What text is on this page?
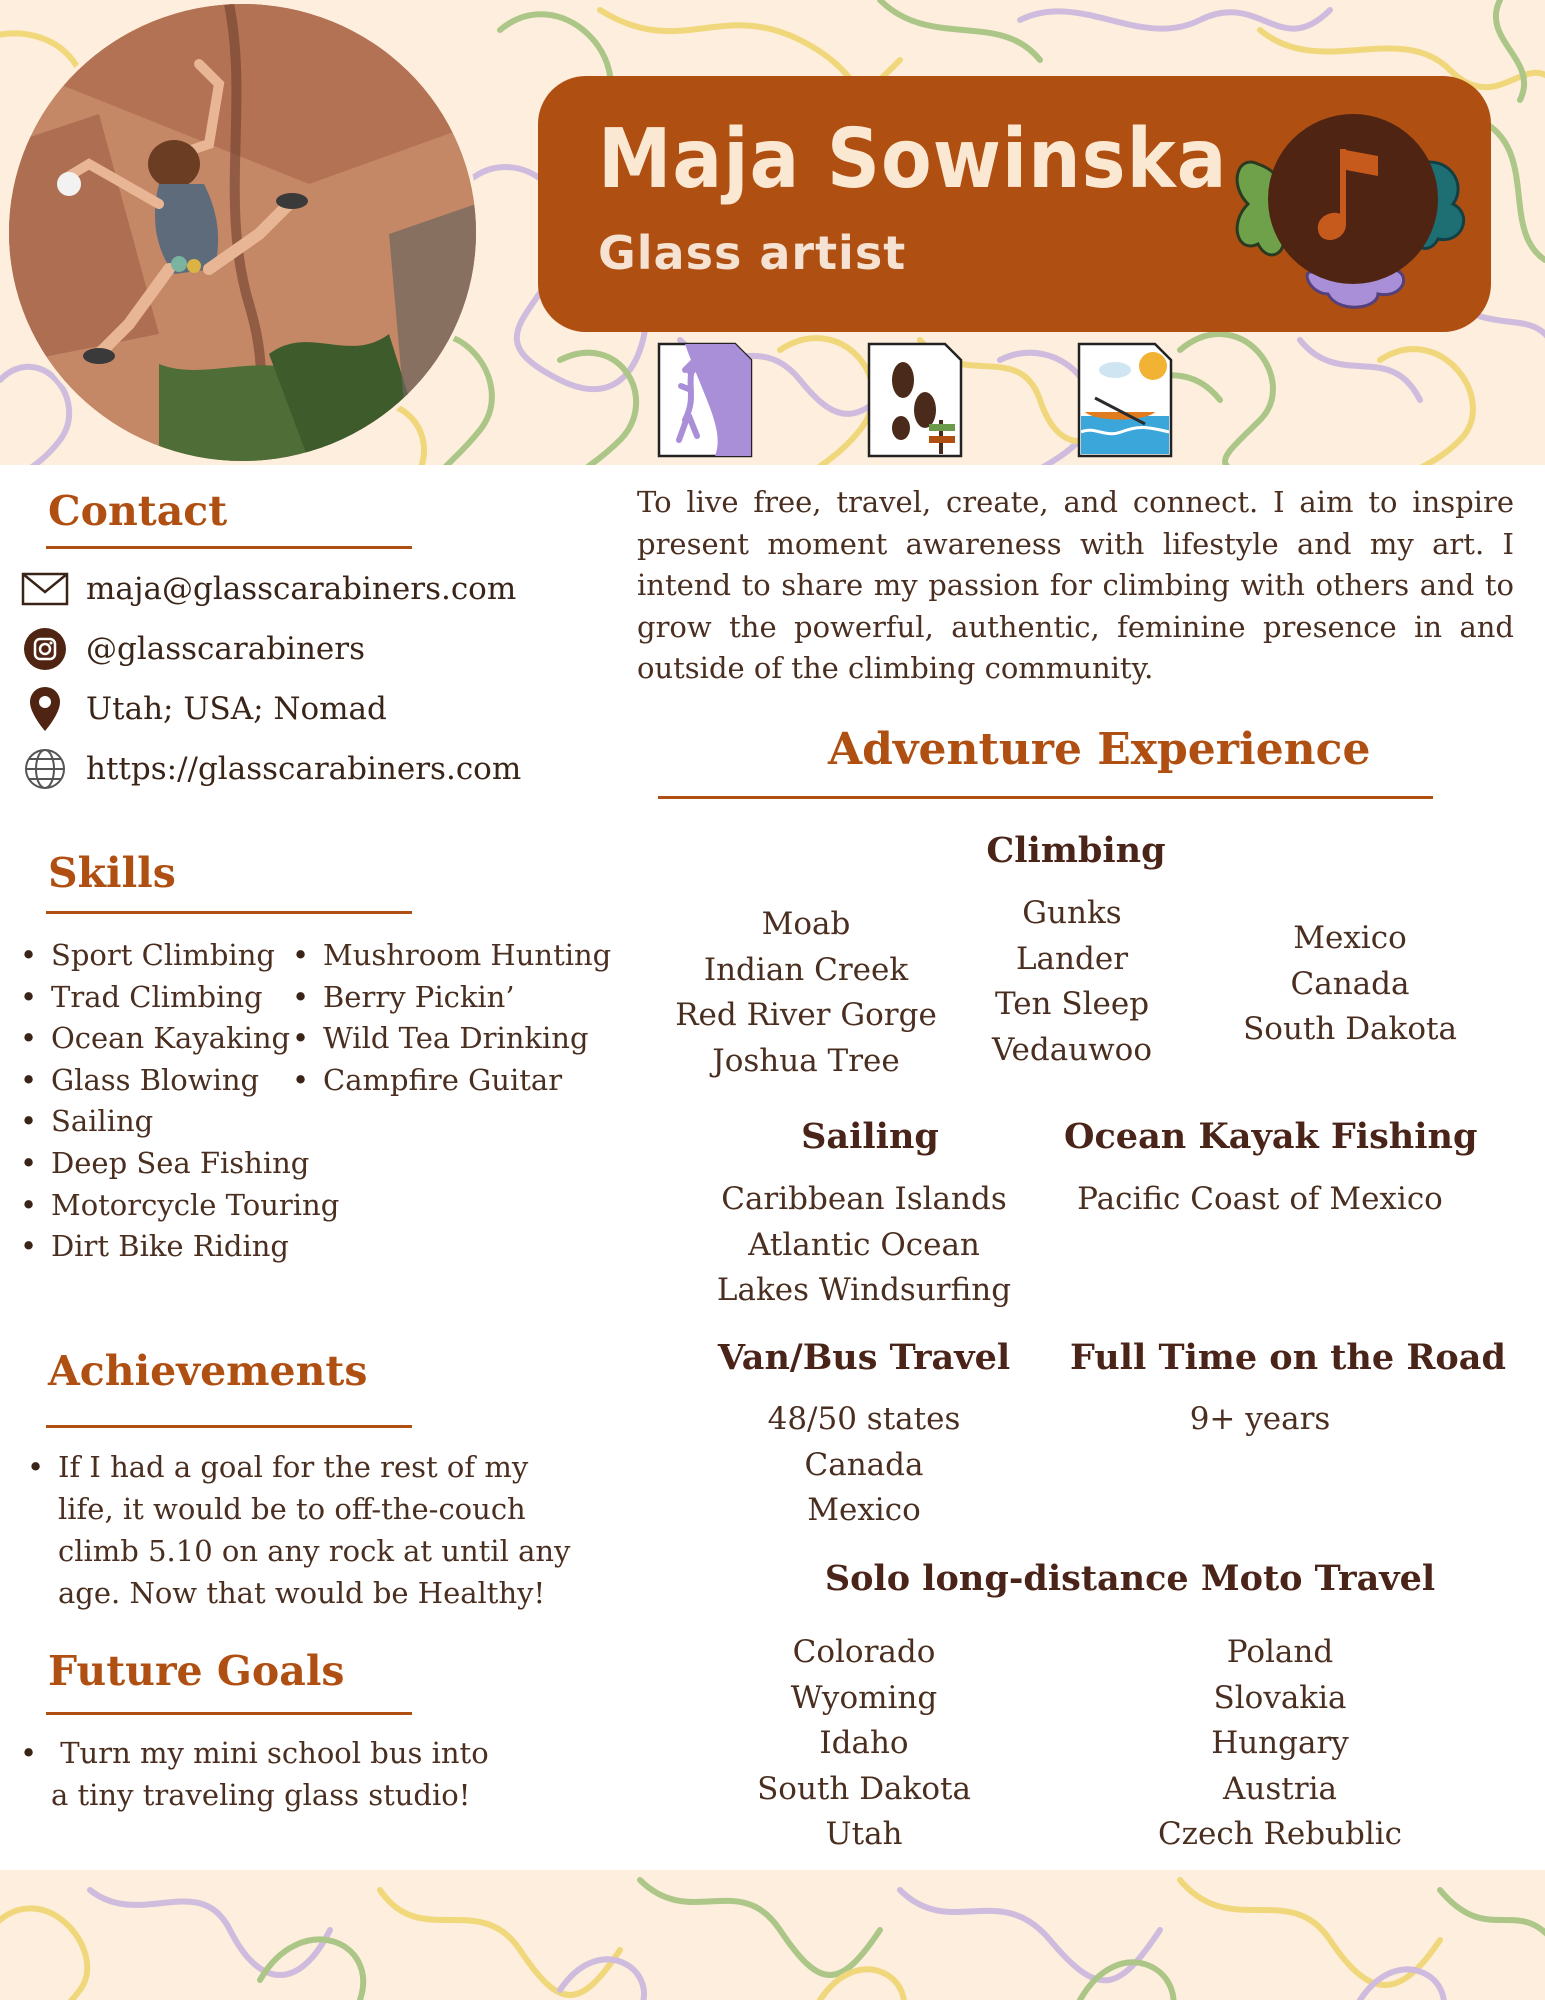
Maja Sowinska
Glass artist
Contact
maja@glasscarabiners.com
@glasscarabiners
Utah; USA; Nomad
https://glasscarabiners.com
Skills
• Sport Climbing
• Trad Climbing
• Ocean Kayaking
• Glass Blowing
• Sailing
• Deep Sea Fishing
• Motorcycle Touring
• Dirt Bike Riding
• Mushroom Hunting
• Berry Pickin’
• Wild Tea Drinking
• Campfire Guitar
Achievements
• If I had a goal for the rest of my
life, it would be to off-the-couch
climb 5.10 on any rock at until any
age. Now that would be Healthy!
Future Goals
•  Turn my mini school bus into
a tiny traveling glass studio!
To live free, travel, create, and connect. I aim to inspire present moment awareness with lifestyle and my art. I intend to share my passion for climbing with others and to grow the powerful, authentic, feminine presence in and outside of the climbing community.
Adventure Experience
Climbing
Moab
Indian Creek
Red River Gorge
Joshua Tree
Gunks
Lander
Ten Sleep
Vedauwoo
Mexico
Canada
South Dakota
Sailing
Caribbean Islands
Atlantic Ocean
Lakes Windsurfing
Ocean Kayak Fishing
Pacific Coast of Mexico
Van/Bus Travel
48/50 states
Canada
Mexico
Full Time on the Road
9+ years
Solo long-distance Moto Travel
Colorado
Wyoming
Idaho
South Dakota
Utah
Poland
Slovakia
Hungary
Austria
Czech Rebublic
